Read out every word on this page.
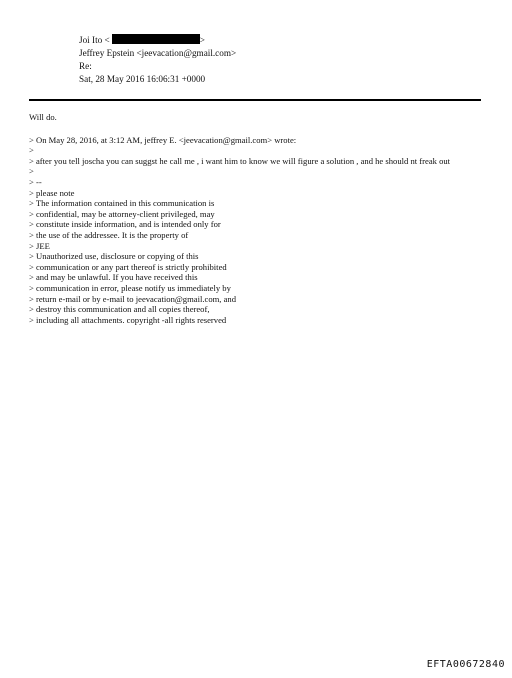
Joi Ito <	>
Jeffrey Epstein <jeevacation@gmail.com>
Re:
Sat, 28 May 2016 16:06:31 +0000
Will do.
> On May 28, 2016, at 3:12 AM, jeffrey E. <jeevacation@gmail.com> wrote:
>
> after you tell joscha you can suggst he call me , i want him to know we will figure a solution , and he should nt freak out
>
> --
> please note
> The information contained in this communication is
> confidential, may be attorney-client privileged, may
> constitute inside information, and is intended only for
> the use of the addressee. It is the property of
> JEE
> Unauthorized use, disclosure or copying of this
> communication or any part thereof is strictly prohibited
> and may be unlawful. If you have received this
> communication in error, please notify us immediately by
> return e-mail or by e-mail to jeevacation@gmail.com, and
> destroy this communication and all copies thereof,
> including all attachments. copyright -all rights reserved
EFTA00672840
